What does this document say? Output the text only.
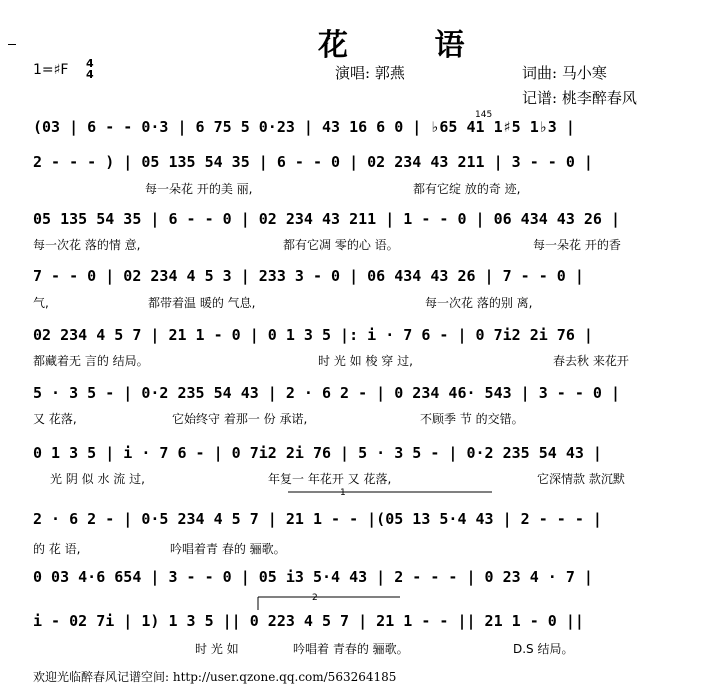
花 语
1=♯F 4
4	演唱: 郭燕	词曲: 马小寒
记谱: 桃李醉春风
(03 | 6 - - 0·3 | 6 75 5 0·23 | 43 16 6 0 | ♭65 41 1♯5 1♭3 |
2 - - - ) | 05 135 54 35 | 6 - - 0 | 02 234 43 211 | 3 - - 0 |
每一朵花 开的美 丽,	都有它绽 放的奇 迹,
05 135 54 35 | 6 - - 0 | 02 234 43 211 | 1 - - 0 | 06 434 43 26 |
每一次花 落的情 意,	都有它凋 零的心 语。	每一朵花 开的香
7 - - 0 | 02 234 4 5 3 | 233 3 - 0 | 06 434 43 26 | 7 - - 0 |
气,	都带着温 暖的 气息,	每一次花 落的别 离,
02 234 4 5 7 | 21 1 - 0 | 0 1 3 5 |: i · 7 6 - | 0 7i2 2i 76 |
都藏着无 言的 结局。	时 光 如 梭 穿 过,	春去秋 来花开
5 · 3 5 - | 0·2 235 54 43 | 2 · 6 2 - | 0 234 46· 543 | 3 - - 0 |
又 花落,	它始终守 着那一 份 承诺,	不顾季 节 的交错。
0 1 3 5 | i · 7 6 - | 0 7i2 2i 76 | 5 · 3 5 - | 0·2 235 54 43 |
光 阴 似 水 流 过,	年复一 年花开 又 花落,	它深情款 款沉默
2 · 6 2 - | 0·5 234 4 5 7 | 21 1 - - |(05 13 5·4 43 | 2 - - - |
的 花 语,	吟唱着青 春的 骊歌。
0 03 4·6 654 | 3 - - 0 | 05 i3 5·4 43 | 2 - - - | 0 23 4 · 7 |
i - 02 7i | 1) 1 3 5 || 0 223 4 5 7 | 21 1 - - || 21 1 - 0 ||
时 光 如	吟唱着 青春的 骊歌。	D.S 结局。
145
1
2
欢迎光临醉春风记谱空间: http://user.qzone.qq.com/563264185
